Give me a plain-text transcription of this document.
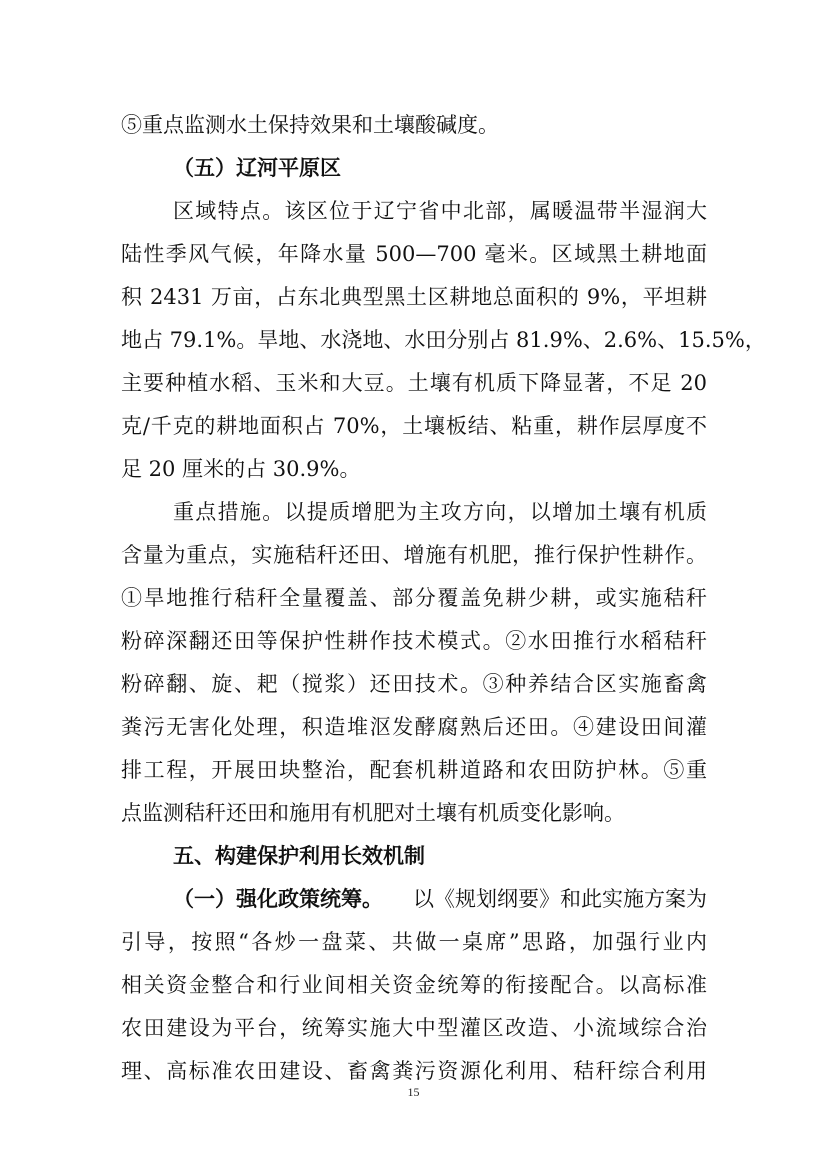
⑤重点监测水土保持效果和土壤酸碱度。
（五）辽河平原区
区域特点。该区位于辽宁省中北部，属暖温带半湿润大
陆性季风气候，年降水量 500—700 毫米。区域黑土耕地面
积 2431 万亩，占东北典型黑土区耕地总面积的 9%，平坦耕
地占 79.1%。旱地、水浇地、水田分别占 81.9%、2.6%、15.5%，
主要种植水稻、玉米和大豆。土壤有机质下降显著，不足 20
克/千克的耕地面积占 70%，土壤板结、粘重，耕作层厚度不
足 20 厘米的占 30.9%。
重点措施。以提质增肥为主攻方向，以增加土壤有机质
含量为重点，实施秸秆还田、增施有机肥，推行保护性耕作。
①旱地推行秸秆全量覆盖、部分覆盖免耕少耕，或实施秸秆
粉碎深翻还田等保护性耕作技术模式。②水田推行水稻秸秆
粉碎翻、旋、耙（搅浆）还田技术。③种养结合区实施畜禽
粪污无害化处理，积造堆沤发酵腐熟后还田。④建设田间灌
排工程，开展田块整治，配套机耕道路和农田防护林。⑤重
点监测秸秆还田和施用有机肥对土壤有机质变化影响。
五、构建保护利用长效机制
（一）强化政策统筹。 以《规划纲要》和此实施方案为
引导，按照“各炒一盘菜、共做一桌席”思路，加强行业内
相关资金整合和行业间相关资金统筹的衔接配合。以高标准
农田建设为平台，统筹实施大中型灌区改造、小流域综合治
理、高标准农田建设、畜禽粪污资源化利用、秸秆综合利用
15
